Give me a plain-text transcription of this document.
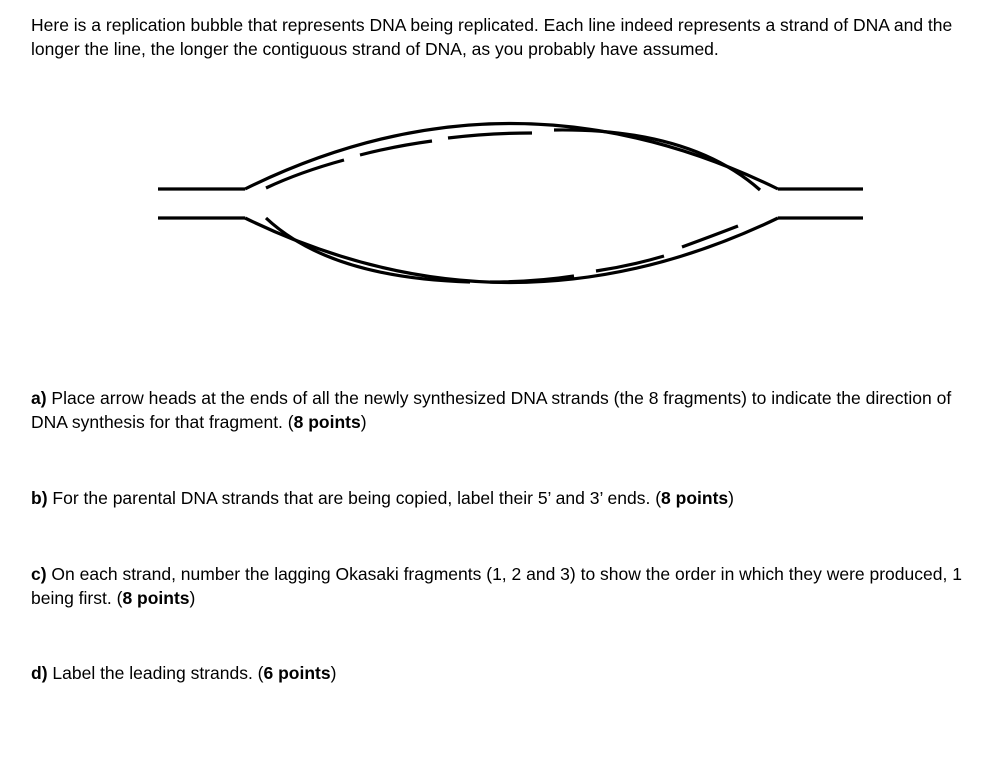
Here is a replication bubble that represents DNA being replicated. Each line indeed represents a strand of DNA and the longer the line, the longer the contiguous strand of DNA, as you probably have assumed.

a) Place arrow heads at the ends of all the newly synthesized DNA strands (the 8 fragments) to indicate the direction of DNA synthesis for that fragment. (8 points)

b) For the parental DNA strands that are being copied, label their 5’ and 3’ ends. (8 points)

c) On each strand, number the lagging Okasaki fragments (1, 2 and 3) to show the order in which they were produced, 1 being first. (8 points)

d) Label the leading strands. (6 points)
